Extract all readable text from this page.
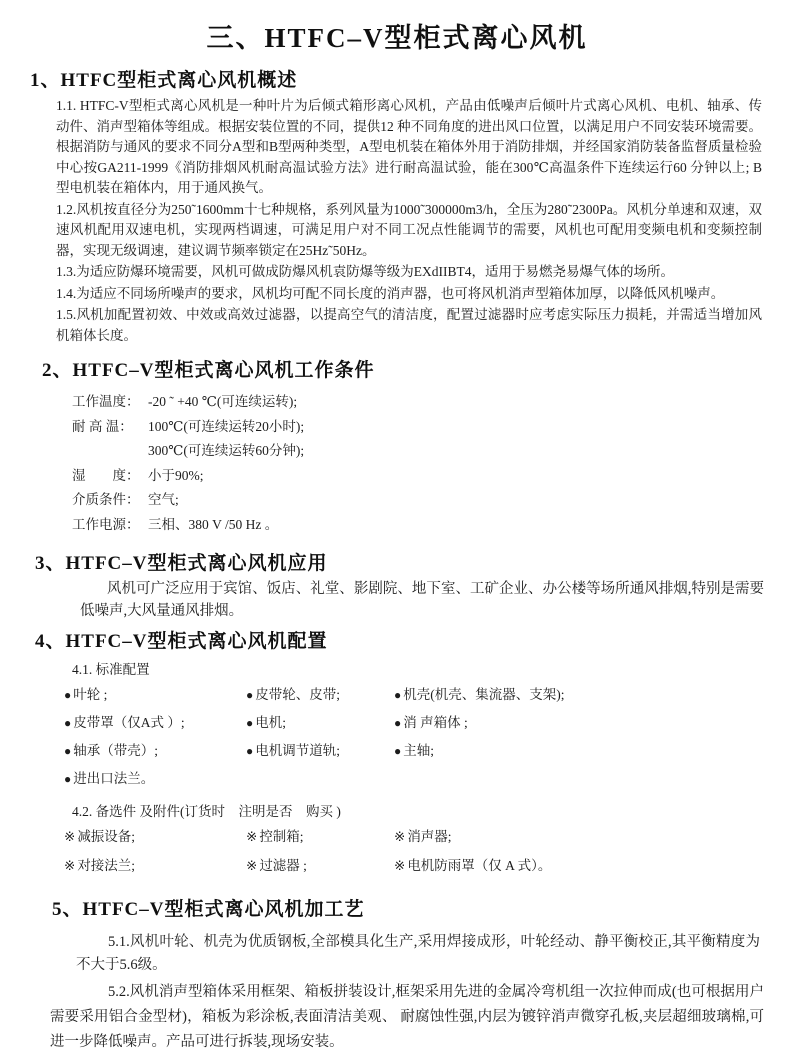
三、HTFC–V型柜式离心风机
1、HTFC型柜式离心风机概述

1.1. HTFC-V型柜式离心风机是一种叶片为后倾式箱形离心风机，产品由低噪声后倾叶片式离心风机、电机、轴承、传动件、消声型箱体等组成。根据安装位置的不同，提供12 种不同角度的进出风口位置，以满足用户不同安装环境需要。根据消防与通风的要求不同分A型和B型两种类型，A型电机装在箱体外用于消防排烟，并经国家消防装备监督质量检验中心按GA211-1999《消防排烟风机耐高温试验方法》进行耐高温试验，能在300℃高温条件下连续运行60 分钟以上; B 型电机装在箱体内，用于通风换气。

1.2.风机按直径分为250˜1600mm十七种规格，系列风量为1000˜300000m3/h，全压为280˜2300Pa。风机分单速和双速，双速风机配用双速电机，实现两档调速，可满足用户对不同工况点性能调节的需要，风机也可配用变频电机和变频控制器，实现无级调速，建议调节频率锁定在25Hz˜50Hz。

1.3.为适应防爆环境需要，风机可做成防爆风机袁防爆等级为EXdIIBT4，适用于易燃尧易爆气体的场所。

1.4.为适应不同场所噪声的要求，风机均可配不同长度的消声器，也可将风机消声型箱体加厚，以降低风机噪声。

1.5.风机加配置初效、中效或高效过滤器，以提高空气的清洁度，配置过滤器时应考虑实际压力损耗，并需适当增加风机箱体长度。

2、HTFC–V型柜式离心风机工作条件
工作温度： -20 ˜ +40 ℃(可连续运转);
耐 高 温：	100℃(可连续运转20小时);
300℃(可连续运转60分钟);
湿　　度： 小于90%;
介质条件： 空气;
工作电源： 三相、380 V /50 Hz 。
3、HTFC–V型柜式离心风机应用

风机可广泛应用于宾馆、饭店、礼堂、影剧院、地下室、工矿企业、办公楼等场所通风排烟,特别是需要低噪声,大风量通风排烟。

4、HTFC–V型柜式离心风机配置
4.1. 标准配置
● 叶轮 ;	● 皮带轮、皮带;	● 机壳(机壳、集流器、支架);
● 皮带罩（仅A式 ）;	● 电机;	● 消 声箱体 ;
● 轴承（带壳）;	● 电机调节道轨;	● 主轴;
● 进出口法兰。
4.2. 备选件 及附件(订货时　注明是否　购买 )
※ 减振设备;	※ 控制箱;	※ 消声器;
※ 对接法兰;	※ 过滤器 ;	※ 电机防雨罩（仅 A 式）。
5、HTFC–V型柜式离心风机加工艺

5.1.风机叶轮、机壳为优质钢板,全部模具化生产,采用焊接成形，叶轮经动、静平衡校正,其平衡精度为不大于5.6级。

5.2.风机消声型箱体采用框架、箱板拼装设计,框架采用先进的金属冷弯机组一次拉伸而成(也可根据用户需要采用铝合金型材)，箱板为彩涂板,表面清洁美观、 耐腐蚀性强,内层为镀锌消声微穿孔板,夹层超细玻璃棉,可进一步降低噪声。产品可进行拆装,现场安装。
